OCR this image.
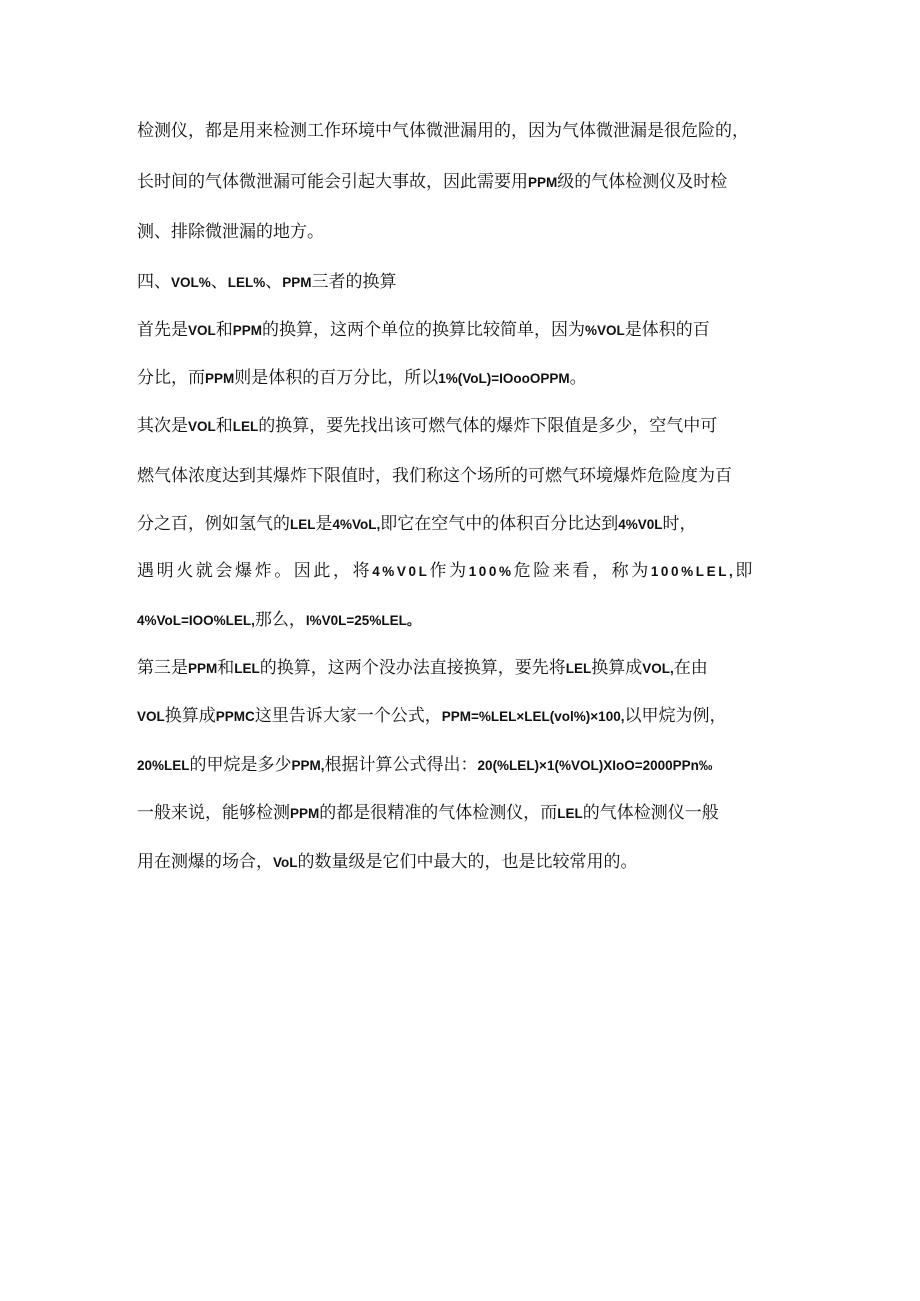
检测仪，都是用来检测工作环境中气体微泄漏用的，因为气体微泄漏是很危险的，
长时间的气体微泄漏可能会引起大事故，因此需要用PPM级的气体检测仪及时检
测、排除微泄漏的地方。
四、VOL%、LEL%、PPM三者的换算
首先是VOL和PPM的换算，这两个单位的换算比较简单，因为%VOL是体积的百
分比，而PPM则是体积的百万分比，所以1%(VoL)=IOooOPPM。
其次是VOL和LEL的换算，要先找出该可燃气体的爆炸下限值是多少，空气中可
燃气体浓度达到其爆炸下限值时，我们称这个场所的可燃气环境爆炸危险度为百
分之百，例如氢气的LEL是4%VoL,即它在空气中的体积百分比达到4%V0L时，
遇明火就会爆炸。因此，将4%V0L作为100%危险来看，称为100%LEL,即
4%VoL=IOO%LEL,那么，I%V0L=25%LEL。
第三是PPM和LEL的换算，这两个没办法直接换算，要先将LEL换算成VOL,在由
VOL换算成PPMC这里告诉大家一个公式，PPM=%LEL×LEL(vol%)×100,以甲烷为例，
20%LEL的甲烷是多少PPM,根据计算公式得出：20(%LEL)×1(%VOL)XIoO=2000PPn‰
一般来说，能够检测PPM的都是很精准的气体检测仪，而LEL的气体检测仪一般
用在测爆的场合，VoL的数量级是它们中最大的，也是比较常用的。
